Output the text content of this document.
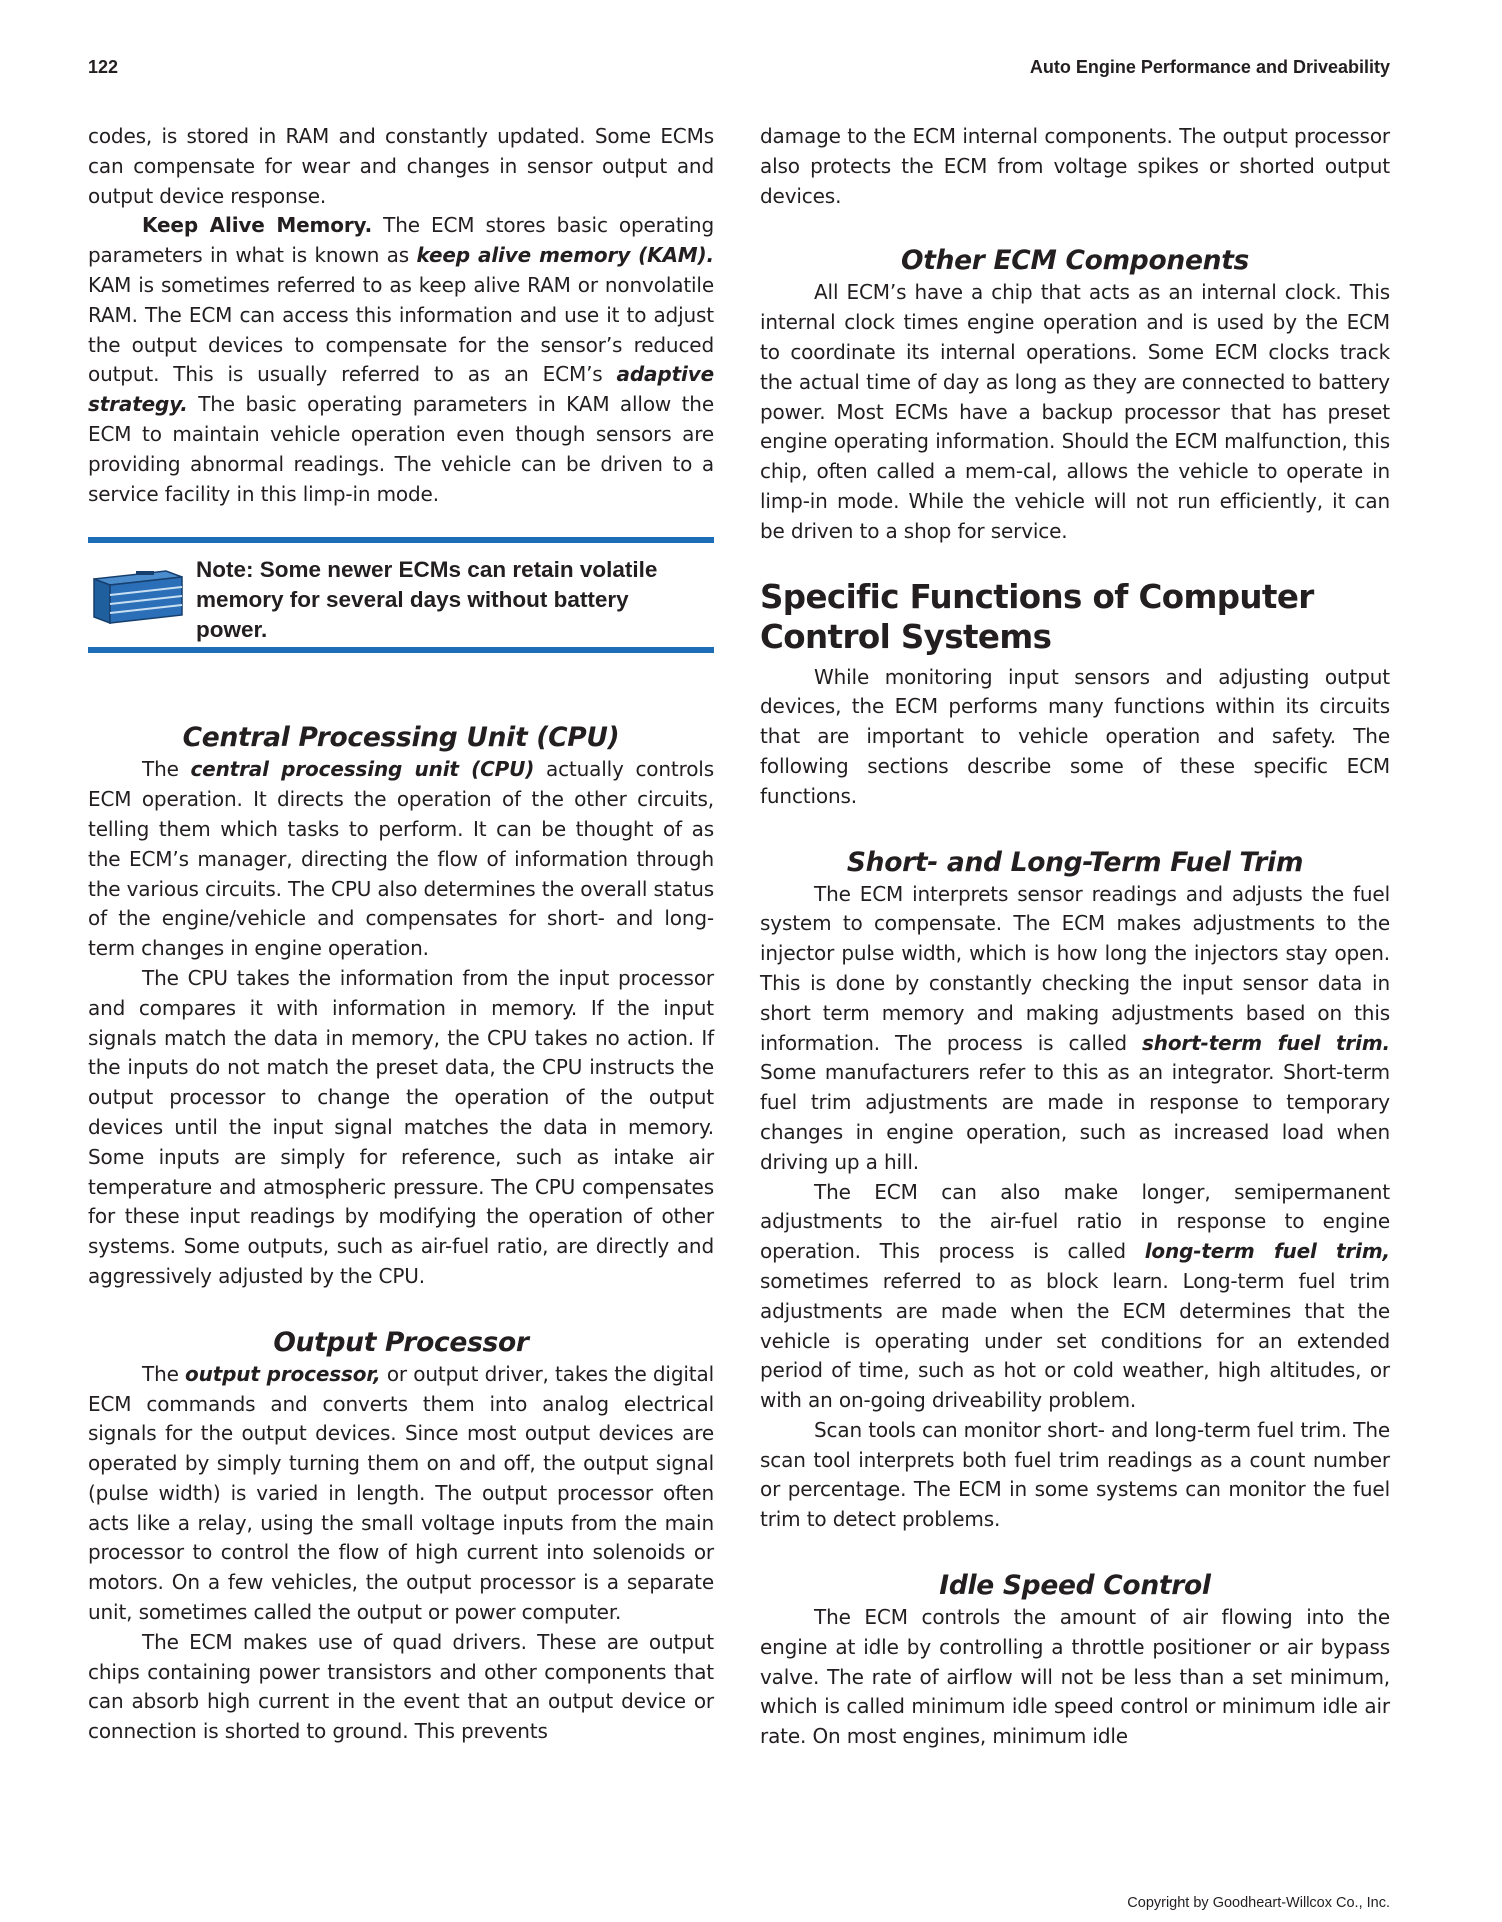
122	Auto Engine Performance and Driveability

codes, is stored in RAM and constantly updated. Some ECMs can compensate for wear and changes in sensor output and output device response.

Keep Alive Memory. The ECM stores basic operating parameters in what is known as keep alive memory (KAM). KAM is sometimes referred to as keep alive RAM or nonvolatile RAM. The ECM can access this information and use it to adjust the output devices to compensate for the sensor’s reduced output. This is usually referred to as an ECM’s adaptive strategy. The basic operating parameters in KAM allow the ECM to maintain vehicle operation even though sensors are providing abnormal readings. The vehicle can be driven to a service facility in this limp-in mode.

Note: Some newer ECMs can retain volatile memory for several days without battery power.
Central Processing Unit (CPU)

The central processing unit (CPU) actually controls ECM operation. It directs the operation of the other circuits, telling them which tasks to perform. It can be thought of as the ECM’s manager, directing the flow of information through the various circuits. The CPU also determines the overall status of the engine/vehicle and compensates for short- and long-term changes in engine operation.

The CPU takes the information from the input processor and compares it with information in memory. If the input signals match the data in memory, the CPU takes no action. If the inputs do not match the preset data, the CPU instructs the output processor to change the operation of the output devices until the input signal matches the data in memory. Some inputs are simply for reference, such as intake air temperature and atmospheric pressure. The CPU compensates for these input readings by modifying the operation of other systems. Some outputs, such as air-fuel ratio, are directly and aggressively adjusted by the CPU.

Output Processor

The output processor, or output driver, takes the digital ECM commands and converts them into analog electrical signals for the output devices. Since most output devices are operated by simply turning them on and off, the output signal (pulse width) is varied in length. The output processor often acts like a relay, using the small voltage inputs from the main processor to control the flow of high current into solenoids or motors. On a few vehicles, the output processor is a separate unit, sometimes called the output or power computer.

The ECM makes use of quad drivers. These are output chips containing power transistors and other components that can absorb high current in the event that an output device or connection is shorted to ground. This prevents

damage to the ECM internal components. The output processor also protects the ECM from voltage spikes or shorted output devices.

Other ECM Components

All ECM’s have a chip that acts as an internal clock. This internal clock times engine operation and is used by the ECM to coordinate its internal operations. Some ECM clocks track the actual time of day as long as they are connected to battery power. Most ECMs have a backup processor that has preset engine operating information. Should the ECM malfunction, this chip, often called a mem-cal, allows the vehicle to operate in limp-in mode. While the vehicle will not run efficiently, it can be driven to a shop for service.

Specific Functions of Computer Control Systems

While monitoring input sensors and adjusting output devices, the ECM performs many functions within its circuits that are important to vehicle operation and safety. The following sections describe some of these specific ECM functions.

Short- and Long-Term Fuel Trim

The ECM interprets sensor readings and adjusts the fuel system to compensate. The ECM makes adjustments to the injector pulse width, which is how long the injectors stay open. This is done by constantly checking the input sensor data in short term memory and making adjustments based on this information. The process is called short-term fuel trim. Some manufacturers refer to this as an integrator. Short-term fuel trim adjustments are made in response to temporary changes in engine operation, such as increased load when driving up a hill.

The ECM can also make longer, semipermanent adjustments to the air-fuel ratio in response to engine operation. This process is called long-term fuel trim, sometimes referred to as block learn. Long-term fuel trim adjustments are made when the ECM determines that the vehicle is operating under set conditions for an extended period of time, such as hot or cold weather, high altitudes, or with an on-going driveability problem.

Scan tools can monitor short- and long-term fuel trim. The scan tool interprets both fuel trim readings as a count number or percentage. The ECM in some systems can monitor the fuel trim to detect problems.

Idle Speed Control

The ECM controls the amount of air flowing into the engine at idle by controlling a throttle positioner or air bypass valve. The rate of airflow will not be less than a set minimum, which is called minimum idle speed control or minimum idle air rate. On most engines, minimum idle

Copyright by Goodheart-Willcox Co., Inc.
